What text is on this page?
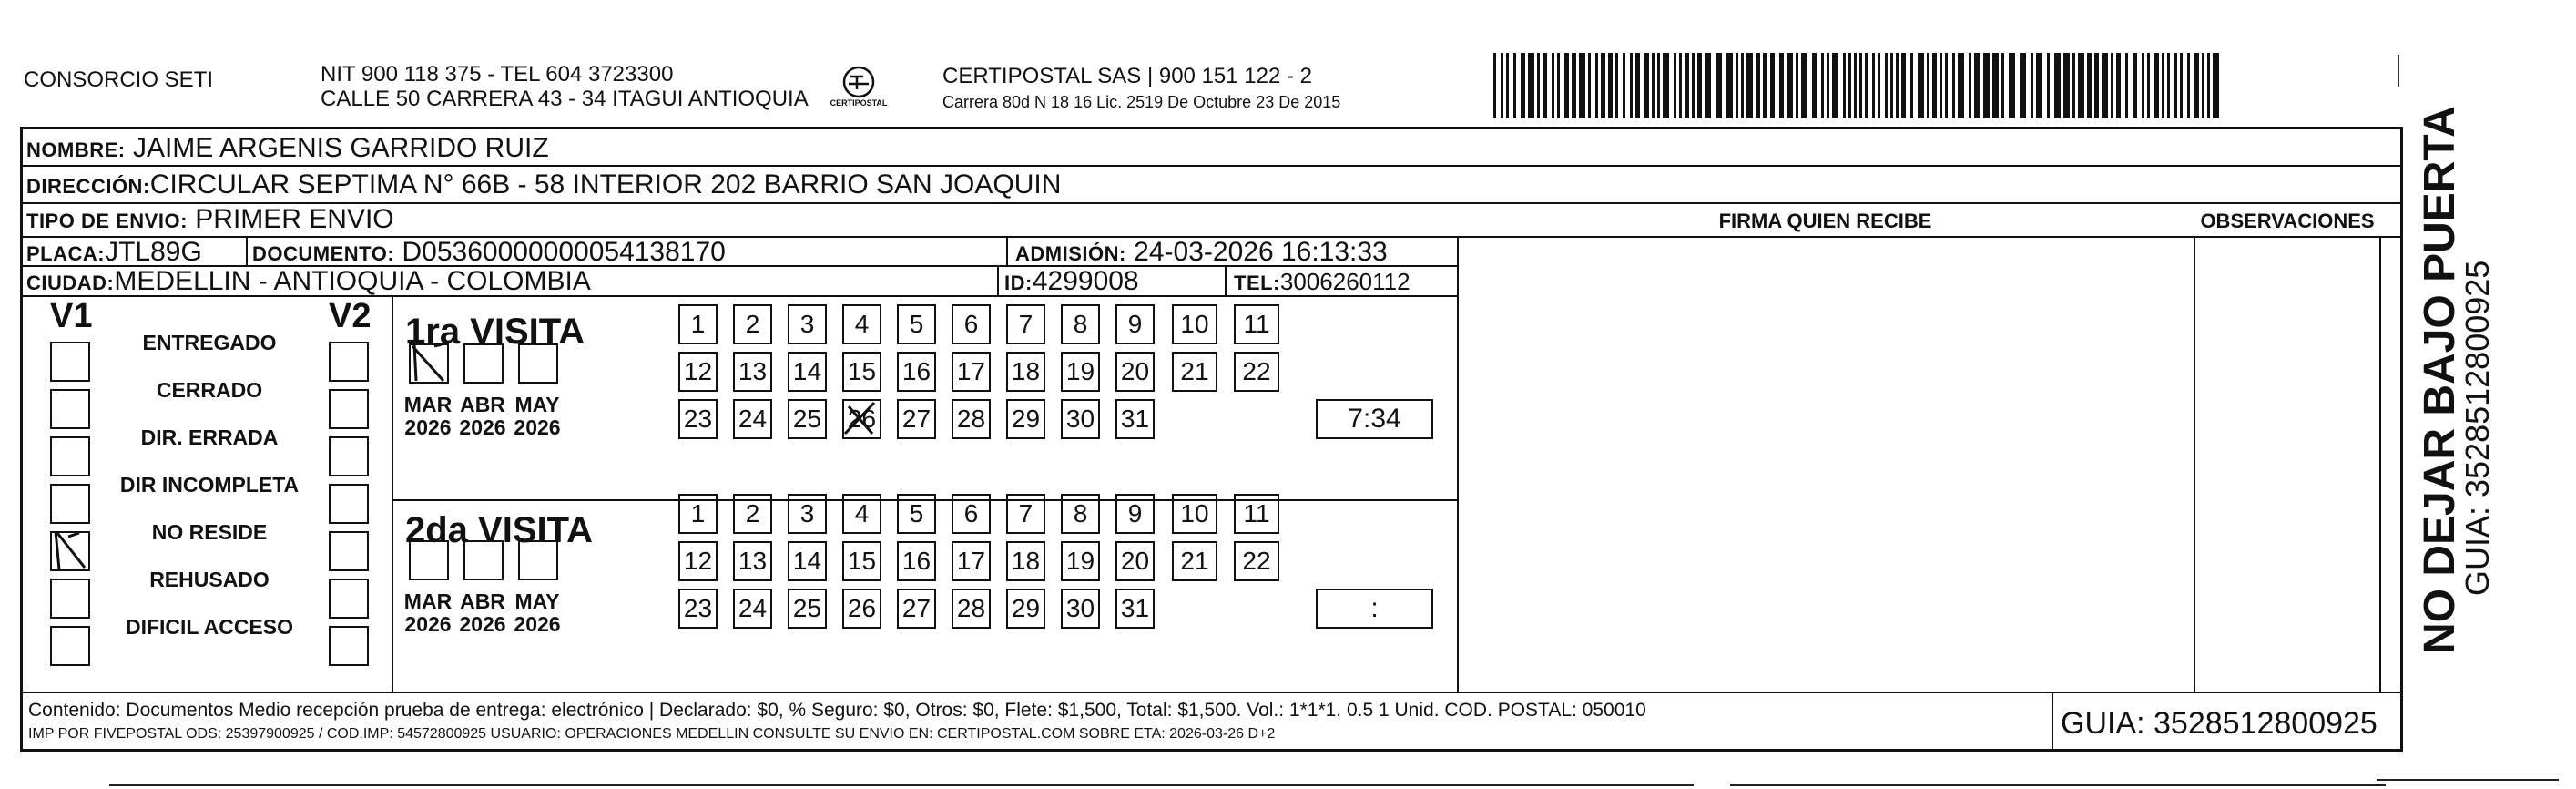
CONSORCIO SETI	NIT 900 118 375 - TEL 604 3723300
CALLE 50 CARRERA 43 - 34 ITAGUI ANTIOQUIA	CERTIPOSTAL
CERTIPOSTAL SAS | 900 151 122 - 2
Carrera 80d N 18 16 Lic. 2519 De Octubre 23 De 2015
NOMBRE: JAIME ARGENIS GARRIDO RUIZ
DIRECCIÓN:CIRCULAR SEPTIMA N° 66B - 58 INTERIOR 202 BARRIO SAN JOAQUIN
TIPO DE ENVIO: PRIMER ENVIO
PLACA:JTL89G	DOCUMENTO: D05360000000054138170	ADMISIÓN: 24-03-2026 16:13:33
CIUDAD:MEDELLIN - ANTIOQUIA - COLOMBIA	ID:4299008	TEL:3006260112
FIRMA QUIEN RECIBE	OBSERVACIONES
V1	V2
ENTREGADO
CERRADO
DIR. ERRADA
DIR INCOMPLETA
NO RESIDE
REHUSADO
DIFICIL ACCESO
1ra VISITA
2da VISITA
MAR
2026
ABR
2026
MAY
2026
1	2	3	4	5	6	7	8	9	10	11
12 13 14 15 16 17 18 19 20	21	22
23 24 25 26 27 28 29 30 31	7:34
MAR
2026
ABR
2026
MAY
2026
1	2	3	4	5	6	7	8	9	10	11
12 13 14 15 16 17 18 19 20	21	22
23 24 25 26 27 28 29 30 31	:
Contenido: Documentos Medio recepción prueba de entrega: electrónico | Declarado: $0, % Seguro: $0, Otros: $0, Flete: $1,500, Total: $1,500. Vol.: 1*1*1. 0.5 1 Unid. COD. POSTAL: 050010
IMP POR FIVEPOSTAL ODS: 25397900925 / COD.IMP: 54572800925 USUARIO: OPERACIONES MEDELLIN CONSULTE SU ENVIO EN: CERTIPOSTAL.COM SOBRE ETA: 2026-03-26 D+2	GUIA: 3528512800925
NO DEJAR BAJO PUERTA
GUIA: 3528512800925
